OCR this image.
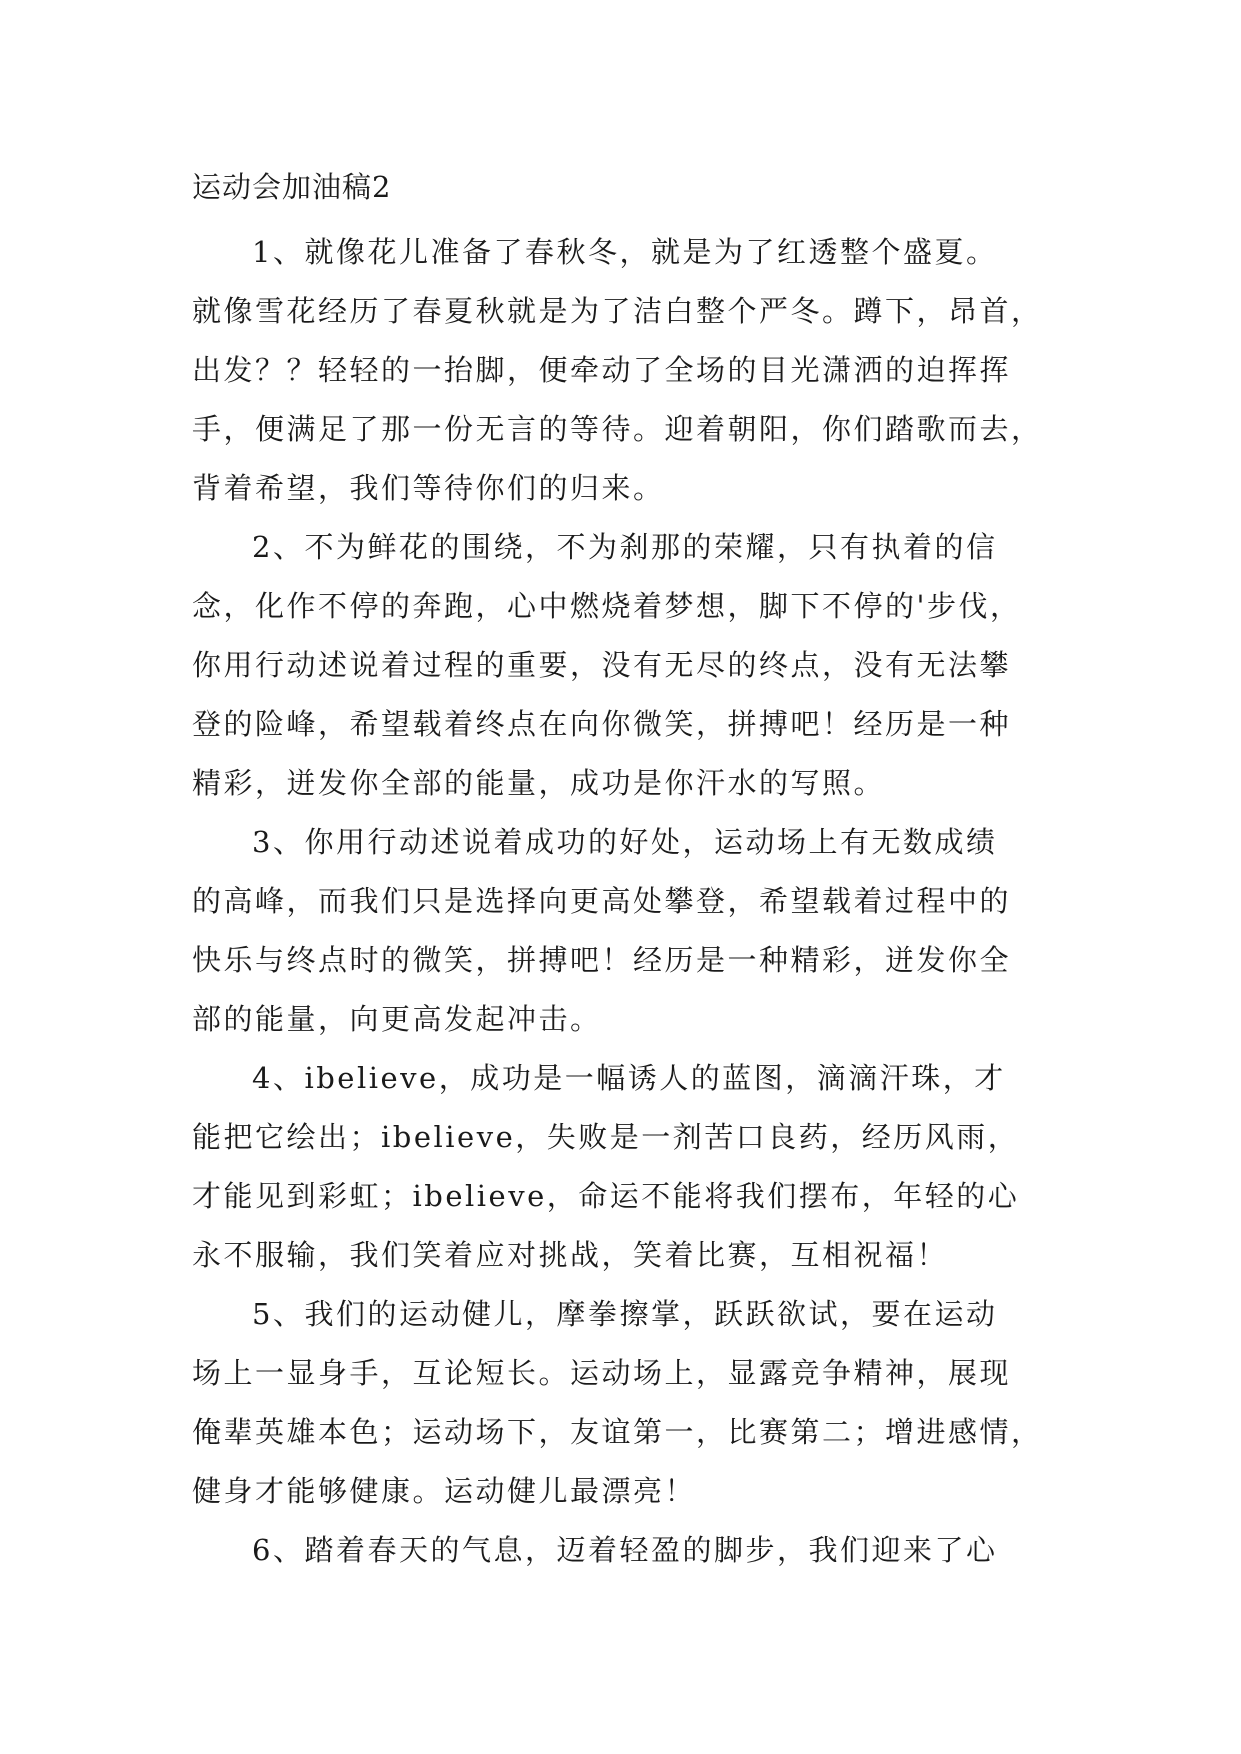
运动会加油稿2
1、就像花儿准备了春秋冬，就是为了红透整个盛夏。
就像雪花经历了春夏秋就是为了洁白整个严冬。蹲下，昂首，
出发？？轻轻的一抬脚，便牵动了全场的目光潇洒的迫挥挥
手，便满足了那一份无言的等待。迎着朝阳，你们踏歌而去，
背着希望，我们等待你们的归来。
2、不为鲜花的围绕，不为刹那的荣耀，只有执着的信
念，化作不停的奔跑，心中燃烧着梦想，脚下不停的'步伐，
你用行动述说着过程的重要，没有无尽的终点，没有无法攀
登的险峰，希望载着终点在向你微笑，拼搏吧！经历是一种
精彩，迸发你全部的能量，成功是你汗水的写照。
3、你用行动述说着成功的好处，运动场上有无数成绩
的高峰，而我们只是选择向更高处攀登，希望载着过程中的
快乐与终点时的微笑，拼搏吧！经历是一种精彩，迸发你全
部的能量，向更高发起冲击。
4、ibelieve，成功是一幅诱人的蓝图，滴滴汗珠，才
能把它绘出；ibelieve，失败是一剂苦口良药，经历风雨，
才能见到彩虹；ibelieve，命运不能将我们摆布，年轻的心
永不服输，我们笑着应对挑战，笑着比赛，互相祝福！
5、我们的运动健儿，摩拳擦掌，跃跃欲试，要在运动
场上一显身手，互论短长。运动场上，显露竞争精神，展现
俺辈英雄本色；运动场下，友谊第一，比赛第二；增进感情，
健身才能够健康。运动健儿最漂亮！
6、踏着春天的气息，迈着轻盈的脚步，我们迎来了心
